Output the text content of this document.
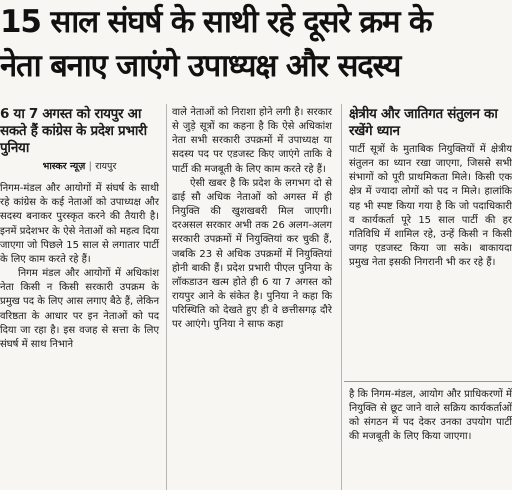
15 साल संघर्ष के साथी रहे दूसरे क्रम के
नेता बनाए जाएंगे उपाध्यक्ष और सदस्य
6 या 7 अगस्त को रायपुर आ सकते हैं कांग्रेस के प्रदेश प्रभारी पुनिया
भास्कर न्यूज़ | रायपुर

निगम-मंडल और आयोगों में संघर्ष के साथी रहे कांग्रेस के कई नेताओं को उपाध्यक्ष और सदस्य बनाकर पुरस्कृत करने की तैयारी है। इनमें प्रदेशभर के ऐसे नेताओं को महत्व दिया जाएगा जो पिछले 15 साल से लगातार पार्टी के लिए काम करते रहे हैं।

निगम मंडल और आयोगों में अधिकांश नेता किसी न किसी सरकारी उपक्रम के प्रमुख पद के लिए आस लगाए बैठे हैं, लेकिन वरिष्ठता के आधार पर इन नेताओं को पद दिया जा रहा है। इस वजह से सत्ता के लिए संघर्ष में साथ निभाने

वाले नेताओं को निराशा होने लगी है। सरकार से जुड़े सूत्रों का कहना है कि ऐसे अधिकांश नेता सभी सरकारी उपक्रमों में उपाध्यक्ष या सदस्य पद पर एडजस्ट किए जाएंगे ताकि वे पार्टी की मजबूती के लिए काम करते रहे हैं।

ऐसी खबर है कि प्रदेश के लगभग दो से ढाई सौ अधिक नेताओं को अगस्त में ही नियुक्ति की खुशखबरी मिल जाएगी। दरअसल सरकार अभी तक 26 अलग-अलग सरकारी उपक्रमों में नियुक्तियां कर चुकी हैं, जबकि 23 से अधिक उपक्रमों में नियुक्तियां होनी बाकी हैं। प्रदेश प्रभारी पीएल पुनिया के लॉकडाउन खत्म होते ही 6 या 7 अगस्त को रायपुर आने के संकेत है। पुनिया ने कहा कि परिस्थिति को देखते हुए ही वे छत्तीसगढ़ दौरे पर आएंगे। पुनिया ने साफ कहा

क्षेत्रीय और जातिगत संतुलन का रखेंगे ध्यान

पार्टी सूत्रों के मुताबिक नियुक्तियों में क्षेत्रीय संतुलन का ध्यान रखा जाएगा, जिससे सभी संभागों को पूरी प्राथमिकता मिले। किसी एक क्षेत्र में ज्यादा लोगों को पद न मिले। हालांकि यह भी स्पष्ट किया गया है कि जो पदाधिकारी व कार्यकर्ता पूरे 15 साल पार्टी की हर गतिविधि में शामिल रहे, उन्हें किसी न किसी जगह एडजस्ट किया जा सके। बाकायदा प्रमुख नेता इसकी निगरानी भी कर रहे हैं।

है कि निगम-मंडल, आयोग और प्राधिकरणों में नियुक्ति से छूट जाने वाले सक्रिय कार्यकर्ताओं को संगठन में पद देकर उनका उपयोग पार्टी की मजबूती के लिए किया जाएगा।
